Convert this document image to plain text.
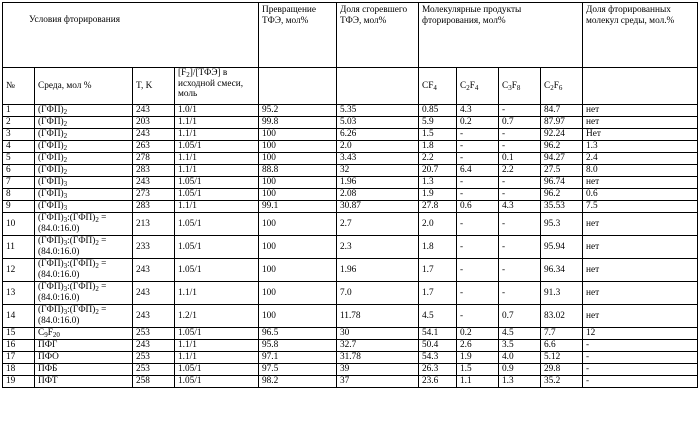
Условия фторирования				Превращение ТФЭ, мол%	Доля сгоревшего ТФЭ, мол%	Молекулярные продукты фторирования, мол%				Доля фторированных молекул среды, мол.%
№	Среда, мол %	T, K	$[F_2]/[ТФЭ]$ в исходной смеси, моль			$CF_4$	$C_2F_4$	$C_3F_8$	$C_2F_6$	
1	$(ГФП)_2$	243	1.0/1	95.2	5.35	0.85	4.3	-	84.7	нет
2	$(ГФП)_2$	203	1.1/1	99.8	5.03	5.9	0.2	0.7	87.97	нет
3	$(ГФП)_2$	243	1.1/1	100	6.26	1.5	-	-	92.24	Нет
4	$(ГФП)_2$	263	1.05/1	100	2.0	1.8	-	-	96.2	1.3
5	$(ГФП)_2$	278	1.1/1	100	3.43	2.2	-	0.1	94.27	2.4
6	$(ГФП)_2$	283	1.1/1	88.8	32	20.7	6.4	2.2	27.5	8.0
7	$(ГФП)_3$	243	1.05/1	100	1.96	1.3	-	-	96.74	нет
8	$(ГФП)_3$	273	1.05/1	100	2.08	1.9	-	-	96.2	0.6
9	$(ГФП)_3$	283	1.1/1	99.1	30.87	27.8	0.6	4.3	35.53	7.5
10	$(ГФП)_3:(ГФП)_2$ = (84.0:16.0)	213	1.05/1	100	2.7	2.0	-	-	95.3	нет
11	$(ГФП)_3:(ГФП)_2$ = (84.0:16.0)	233	1.05/1	100	2.3	1.8	-	-	95.94	нет
12	$(ГФП)_3:(ГФП)_2$ = (84.0:16.0)	243	1.05/1	100	1.96	1.7	-	-	96.34	нет
13	$(ГФП)_3:(ГФП)_2$ = (84.0:16.0)	243	1.1/1	100	7.0	1.7	-	-	91.3	нет
14	$(ГФП)_3:(ГФП)_2$ = (84.0:16.0)	243	1.2/1	100	11.78	4.5	-	0.7	83.02	нет
15	$C_9F_{20}$	253	1.05/1	96.5	30	54.1	0.2	4.5	7.7	12
16	ПФГ	243	1.1/1	95.8	32.7	50.4	2.6	3.5	6.6	-
17	ПФО	253	1.1/1	97.1	31.78	54.3	1.9	4.0	5.12	-
18	ПФБ	253	1.05/1	97.5	39	26.3	1.5	0.9	29.8	-
19	ПФТ	258	1.05/1	98.2	37	23.6	1.1	1.3	35.2	-
